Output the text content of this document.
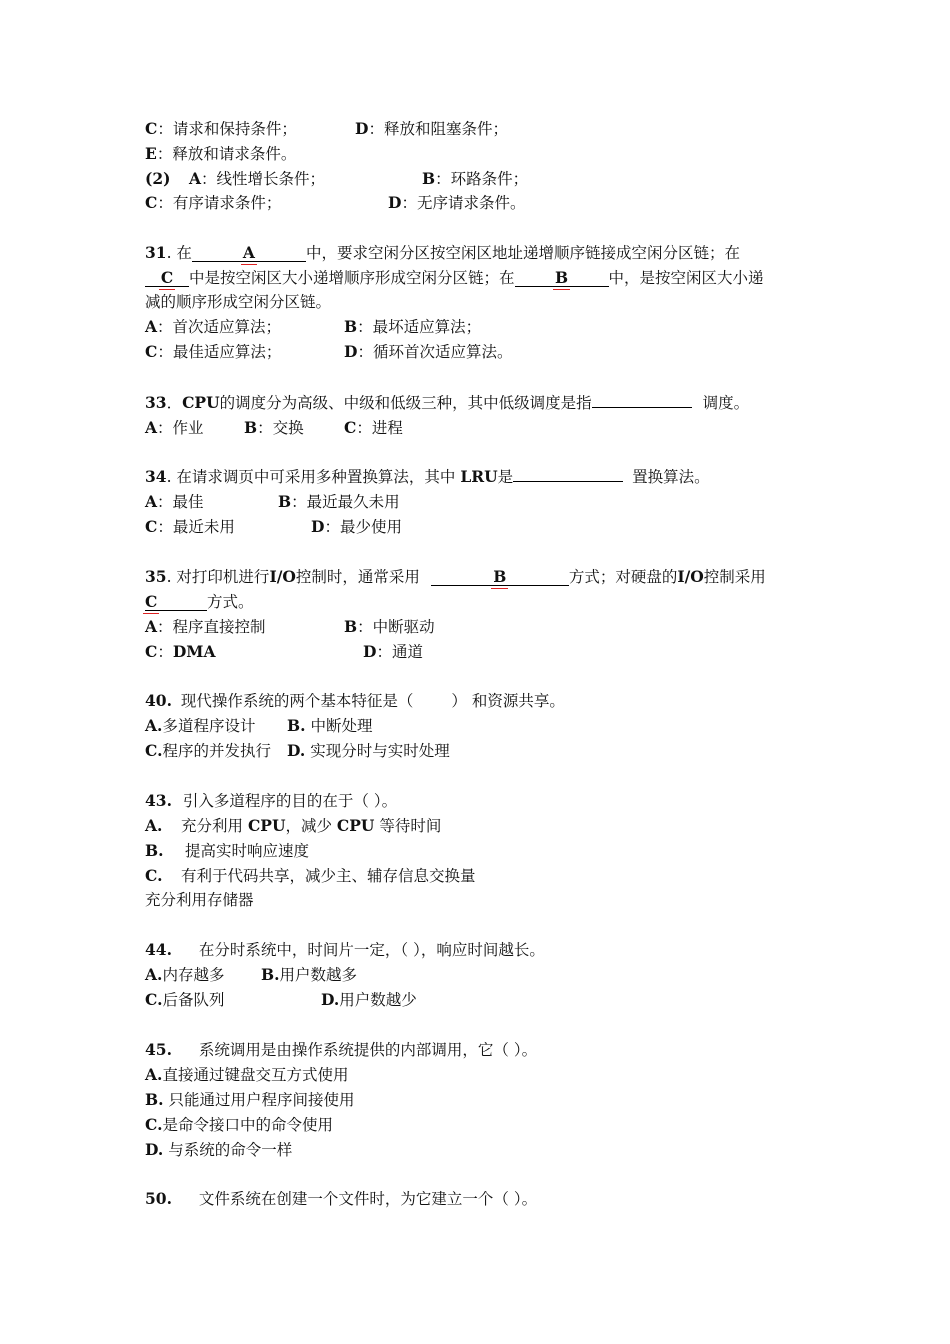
C：请求和保持条件；	D：释放和阻塞条件；
E：释放和请求条件。
(2) A：线性增长条件；	B：环路条件；
C：有序请求条件；	D：无序请求条件。
31. 在	A	中，要求空闲分区按空闲区地址递增顺序链接成空闲分区链；在
C 中是按空闲区大小递增顺序形成空闲分区链；在	B	中，是按空闲区大小递
减的顺序形成空闲分区链。
A：首次适应算法；	B：最坏适应算法；
C：最佳适应算法；	D：循环首次适应算法。
33．CPU的调度分为高级、中级和低级三种，其中低级调度是指	调度。
A：作业	B：交换	C：进程
34. 在请求调页中可采用多种置换算法，其中 LRU是	置换算法。
A：最佳	B：最近最久未用
C：最近未用	D：最少使用
35. 对打印机进行I/O控制时，通常采用	B	方式；对硬盘的I/O控制采用
C	方式。
A：程序直接控制	B：中断驱动
C：DMA	D：通道
40. 现代操作系统的两个基本特征是（ ） 和资源共享。
A.多道程序设计 B. 中断处理
C.程序的并发执行 D. 实现分时与实时处理
43. 引入多道程序的目的在于（ ）。
A. 充分利用 CPU，减少 CPU 等待时间
B. 提高实时响应速度
C. 有利于代码共享，减少主、辅存信息交换量
充分利用存储器
44. 在分时系统中，时间片一定，（ ），响应时间越长。
A.内存越多 B.用户数越多
C.后备队列	D.用户数越少
45. 系统调用是由操作系统提供的内部调用，它（ ）。
A.直接通过键盘交互方式使用
B. 只能通过用户程序间接使用
C.是命令接口中的命令使用
D. 与系统的命令一样
50. 文件系统在创建一个文件时，为它建立一个（ ）。
